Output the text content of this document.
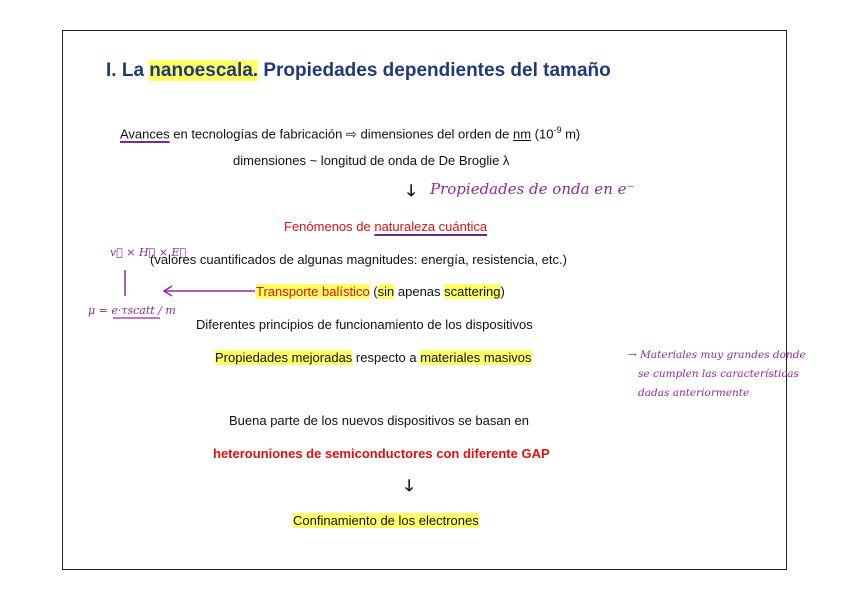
I. La nanoescala. Propiedades dependientes del tamaño
Avances en tecnologías de fabricación ⇨ dimensiones del orden de nm ($10^{-9}$ m)
dimensiones ~ longitud de onda de De Broglie λ
🡓 Propiedades de onda en e⁻
Fenómenos de naturaleza cuántica
v⃗ × H⃗ × E⃗
(valores cuantificados de algunas magnitudes: energía, resistencia, etc.)
μ = e·τscatt / m
Transporte balístico (sin apenas scattering)
Diferentes principios de funcionamiento de los dispositivos
Propiedades mejoradas respecto a materiales masivos	→ Materiales muy grandes donde
se cumplen las características
dadas anteriormente
Buena parte de los nuevos dispositivos se basan en
heterouniones de semiconductores con diferente GAP
🡓
Confinamiento de los electrones
